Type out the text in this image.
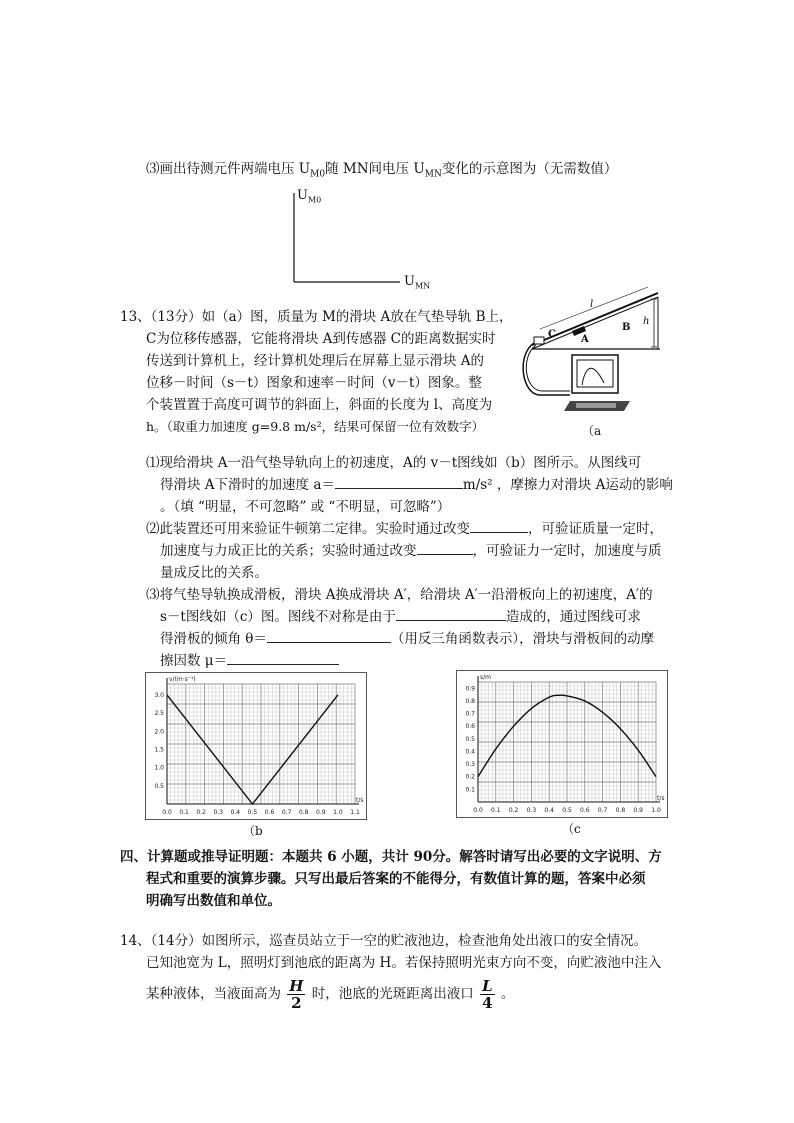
⑶画出待测元件两端电压 $U_{M0}$随 MN间电压 $U_{MN}$变化的示意图为（无需数值）
$U_{M0}$
$U_{MN}$
13、（13分）如（a）图，质量为 M的滑块 A放在气垫导轨 B上，
C为位移传感器，它能将滑块 A到传感器 C的距离数据实时
传送到计算机上，经计算机处理后在屏幕上显示滑块 A的
位移－时间（s－t）图象和速率－时间（v－t）图象。整
个装置置于高度可调节的斜面上，斜面的长度为 l、高度为
h。（取重力加速度 g=9.8 m/s²，结果可保留一位有效数字）
C	A
B
l
h
（a
⑴现给滑块 A一沿气垫导轨向上的初速度，A的 v－t图线如（b）图所示。从图线可
得滑块 A下滑时的加速度 a＝	m/s² ，摩擦力对滑块 A运动的影响
。（填 “明显，不可忽略” 或 “不明显，可忽略”）
⑵此装置还可用来验证牛顿第二定律。实验时通过改变	，可验证质量一定时，
加速度与力成正比的关系；实验时通过改变	，可验证力一定时，加速度与质
量成反比的关系。
⑶将气垫导轨换成滑板，滑块 A换成滑块 A′，给滑块 A′一沿滑板向上的初速度，A′的
s－t图线如（c）图。图线不对称是由于	造成的，通过图线可求
得滑板的倾角 θ＝	（用反三角函数表示），滑块与滑板间的动摩
擦因数 μ＝
0.0 0.1 0.2 0.3 0.4 0.5 0.6 0.7 0.8 0.9 1.0 1.1
0.5
1.0
1.5
2.0
2.5
3.0
v/(m·s⁻¹)
t/s
（b
0.0 0.1 0.2 0.3 0.4 0.5 0.6 0.7 0.8 0.9 1.0
0.1
0.2
0.3
0.4
0.5
0.6
0.7
0.8
0.9
s/m
t/s
（c
四、计算题或推导证明题：本题共 6 小题，共计 90分。解答时请写出必要的文字说明、方
程式和重要的演算步骤。只写出最后答案的不能得分，有数值计算的题，答案中必须
明确写出数值和单位。
14、（14分）如图所示，巡查员站立于一空的贮液池边，检查池角处出液口的安全情况。
已知池宽为 L，照明灯到池底的距离为 H。若保持照明光束方向不变，向贮液池中注入
某种液体，当液面高为 $\frac{H}{2}$ 时，池底的光斑距离出液口 $\frac{L}{4}$ 。
